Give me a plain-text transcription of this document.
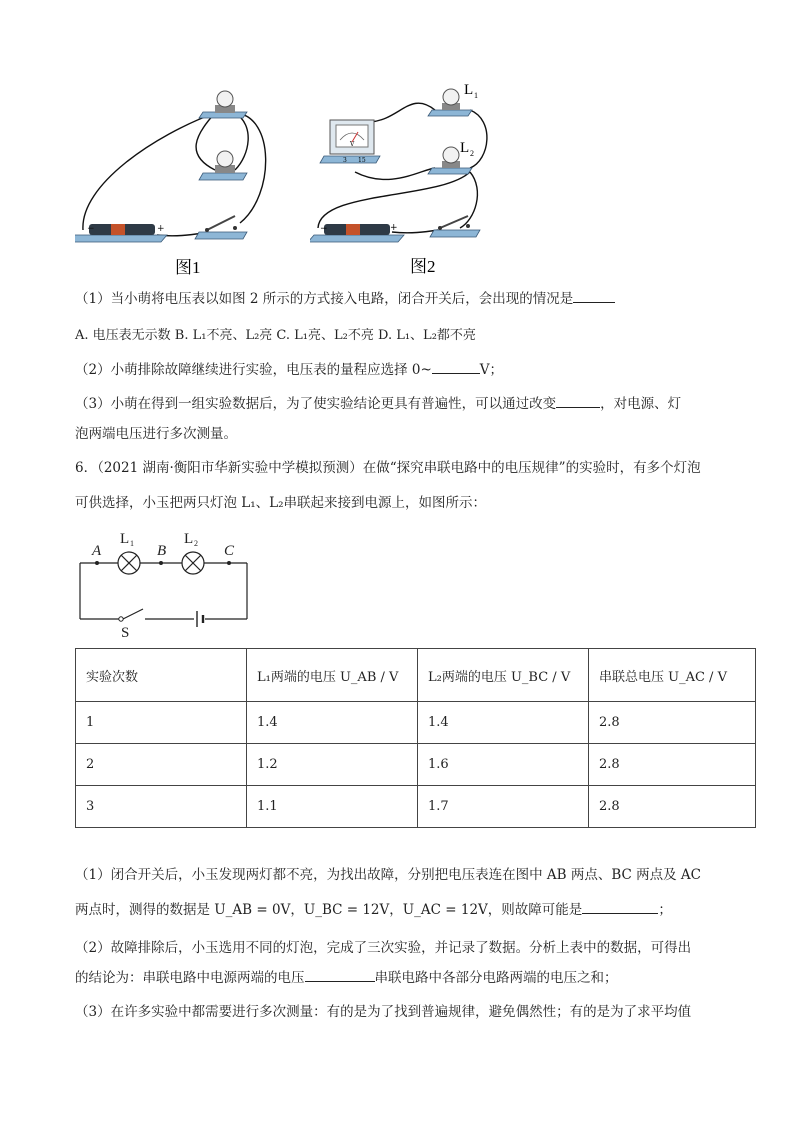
−	+
图1
V
3 15
L 1
L 2
−	+
图2
（1）当小萌将电压表以如图 2 所示的方式接入电路，闭合开关后，会出现的情况是
A. 电压表无示数 B. L₁不亮、L₂亮 C. L₁亮、L₂不亮 D. L₁、L₂都不亮
（2）小萌排除故障继续进行实验，电压表的量程应选择 0~	V；
（3）小萌在得到一组实验数据后，为了使实验结论更具有普遍性，可以通过改变	，对电源、灯
泡两端电压进行多次测量。
6．（2021 湖南·衡阳市华新实验中学模拟预测）在做“探究串联电路中的电压规律”的实验时，有多个灯泡
可供选择，小玉把两只灯泡 L₁、L₂串联起来接到电源上，如图所示：
A	B	C
L	L
S
1	2
实验次数	L₁两端的电压 U_AB / V	L₂两端的电压 U_BC / V	串联总电压 U_AC / V
1	1.4	1.4	2.8
2	1.2	1.6	2.8
3	1.1	1.7	2.8
（1）闭合开关后，小玉发现两灯都不亮，为找出故障，分别把电压表连在图中 AB 两点、BC 两点及 AC
两点时，测得的数据是 U_AB = 0V，U_BC = 12V，U_AC = 12V，则故障可能是	；
（2）故障排除后，小玉选用不同的灯泡，完成了三次实验，并记录了数据。分析上表中的数据，可得出
的结论为：串联电路中电源两端的电压	串联电路中各部分电路两端的电压之和；
（3）在许多实验中都需要进行多次测量：有的是为了找到普遍规律，避免偶然性；有的是为了求平均值
